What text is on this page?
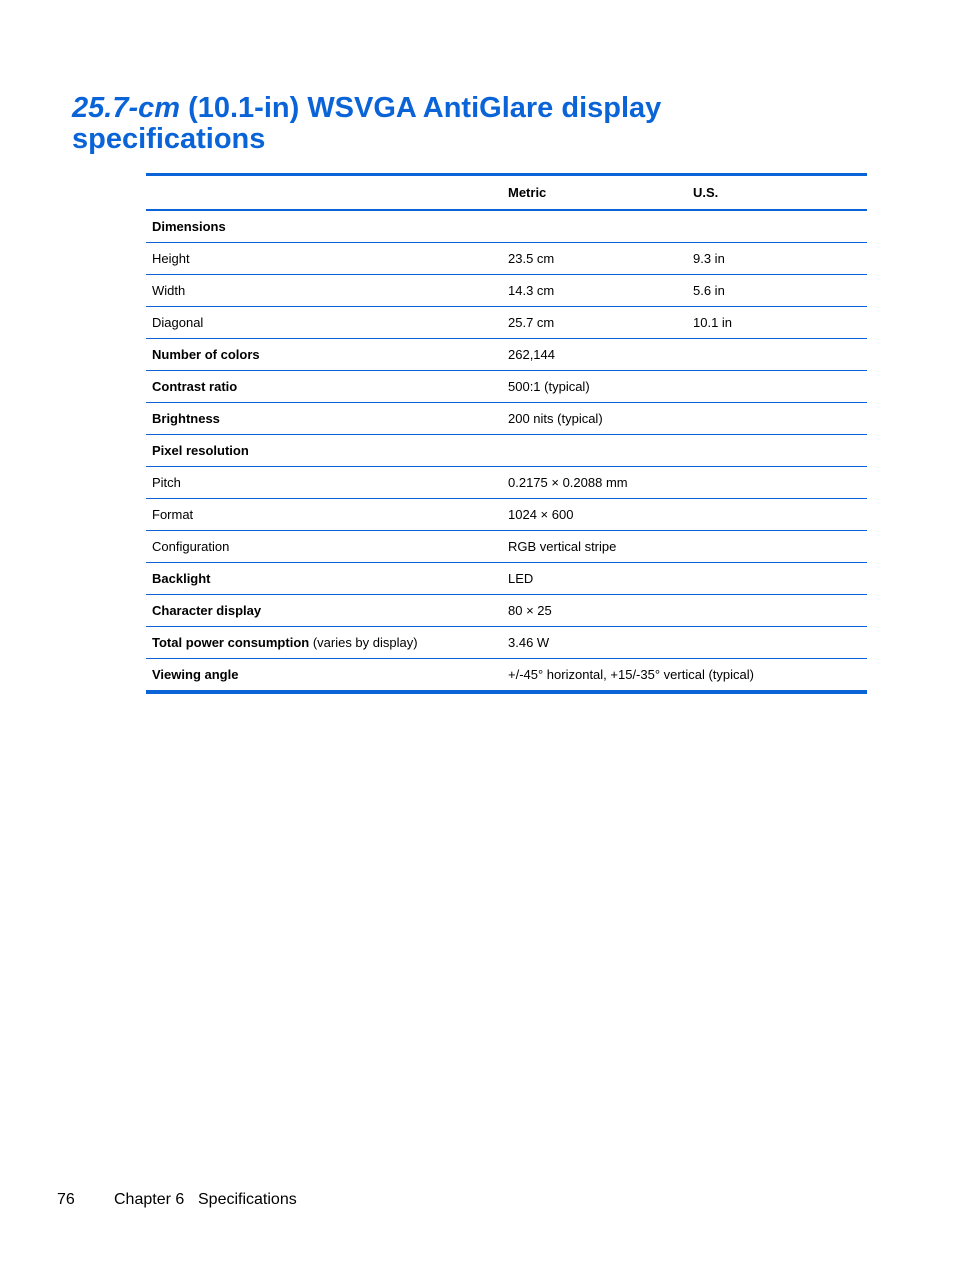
25.7-cm (10.1-in) WSVGA AntiGlare display specifications
	Metric	U.S.
Dimensions		
Height	23.5 cm	9.3 in
Width	14.3 cm	5.6 in
Diagonal	25.7 cm	10.1 in
Number of colors	262,144	
Contrast ratio	500:1 (typical)	
Brightness	200 nits (typical)	
Pixel resolution		
Pitch	0.2175 × 0.2088 mm	
Format	1024 × 600	
Configuration	RGB vertical stripe	
Backlight	LED	
Character display	80 × 25	
Total power consumption (varies by display)	3.46 W	
Viewing angle	+/-45° horizontal, +15/-35° vertical (typical)	
76 Chapter 6 Specifications
